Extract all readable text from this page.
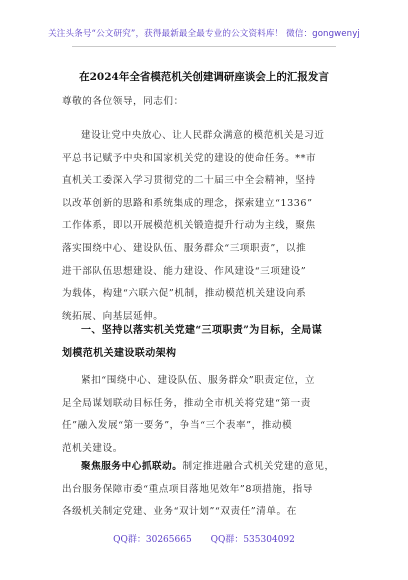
关注头条号“公文研究”，获得最新最全最专业的公文资料库！ 微信：gongwenyj
在2024年全省模范机关创建调研座谈会上的汇报发言
尊敬的各位领导，同志们：
建设让党中央放心、让人民群众满意的模范机关是习近
平总书记赋予中央和国家机关党的建设的使命任务。**市
直机关工委深入学习贯彻党的二十届三中全会精神，坚持
以改革创新的思路和系统集成的理念，探索建立“1336”
工作体系，即以开展模范机关锻造提升行动为主线，聚焦
落实围绕中心、建设队伍、服务群众“三项职责”，以推
进干部队伍思想建设、能力建设、作风建设“三项建设”
为载体，构建“六联六促”机制，推动模范机关建设向系
统拓展、向基层延伸。
一、坚持以落实机关党建“三项职责”为目标，全局谋
划模范机关建设联动架构
紧扣“围绕中心、建设队伍、服务群众”职责定位，立
足全局谋划联动目标任务，推动全市机关将党建“第一责
任”融入发展“第一要务”，争当“三个表率”，推动模
范机关建设。
聚焦服务中心抓联动。制定推进融合式机关党建的意见，
出台服务保障市委“重点项目落地见效年”8项措施，指导
各级机关制定党建、业务“双计划”“双责任”清单。在
QQ群：30265665 QQ群：535304092
